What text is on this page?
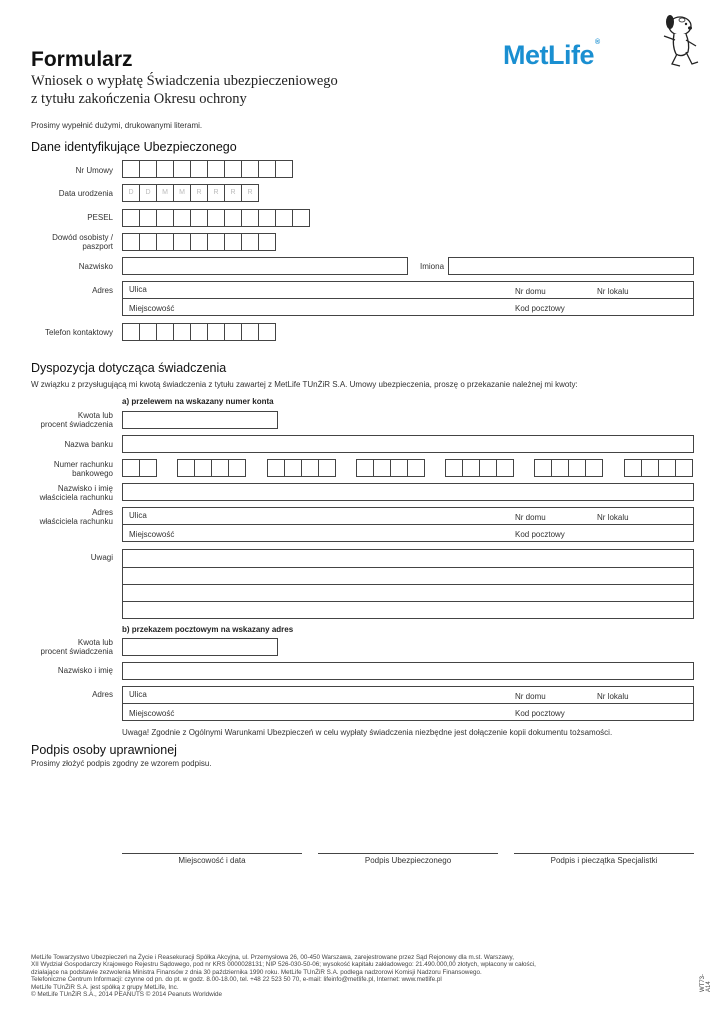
Formularz
Wniosek o wypłatę Świadczenia ubezpieczeniowego
z tytułu zakończenia Okresu ochrony
MetLife®
Prosimy wypełnić dużymi, drukowanymi literami.
Dane identyfikujące Ubezpieczonego
Nr Umowy
Data urodzenia	D	D	M	M	R	R	R	R
PESEL
Dowód osobisty /
paszport
Nazwisko	Imiona
Adres Ulica	Nr domu	Nr lokalu
Miejscowość	Kod pocztowy
Telefon kontaktowy
Dyspozycja dotycząca świadczenia
W związku z przysługującą mi kwotą świadczenia z tytułu zawartej z MetLife TUnŻiR S.A. Umowy ubezpieczenia, proszę o przekazanie należnej mi kwoty:
a) przelewem na wskazany numer konta
Kwota lub
procent świadczenia
Nazwa banku
Numer rachunku
bankowego
Nazwisko i imię
właściciela rachunku
Adres
właściciela rachunku
Ulica	Nr domu	Nr lokalu
Miejscowość	Kod pocztowy
Uwagi
b) przekazem pocztowym na wskazany adres
Kwota lub
procent świadczenia
Nazwisko i imię
Adres Ulica	Nr domu	Nr lokalu
Miejscowość	Kod pocztowy
Uwaga! Zgodnie z Ogólnymi Warunkami Ubezpieczeń w celu wypłaty świadczenia niezbędne jest dołączenie kopii dokumentu tożsamości.
Podpis osoby uprawnionej
Prosimy złożyć podpis zgodny ze wzorem podpisu.
Miejscowość i data	Podpis Ubezpieczonego	Podpis i pieczątka Specjalistki
MetLife Towarzystwo Ubezpieczeń na Życie i Reasekuracji Spółka Akcyjna, ul. Przemysłowa 26, 00-450 Warszawa, zarejestrowane przez Sąd Rejonowy dla m.st. Warszawy,
XII Wydział Gospodarczy Krajowego Rejestru Sądowego, pod nr KRS 0000028131; NIP 526-030-50-06; wysokość kapitału zakładowego: 21.490.000,00 złotych, wpłacony w całości,
działające na podstawie zezwolenia Ministra Finansów z dnia 30 października 1990 roku. MetLife TUnŻiR S.A. podlega nadzorowi Komisji Nadzoru Finansowego.
Telefoniczne Centrum Informacji: czynne od pn. do pt. w godz. 8.00-18.00, tel. +48 22 523 50 70, e-mail: lifeinfo@metlife.pl, Internet: www.metlife.pl
MetLife TUnŻiR S.A. jest spółką z grupy MetLife, Inc.
© MetLife TUnŻiR S.A., 2014 PEANUTS © 2014 Peanuts Worldwide
WT73-A14
